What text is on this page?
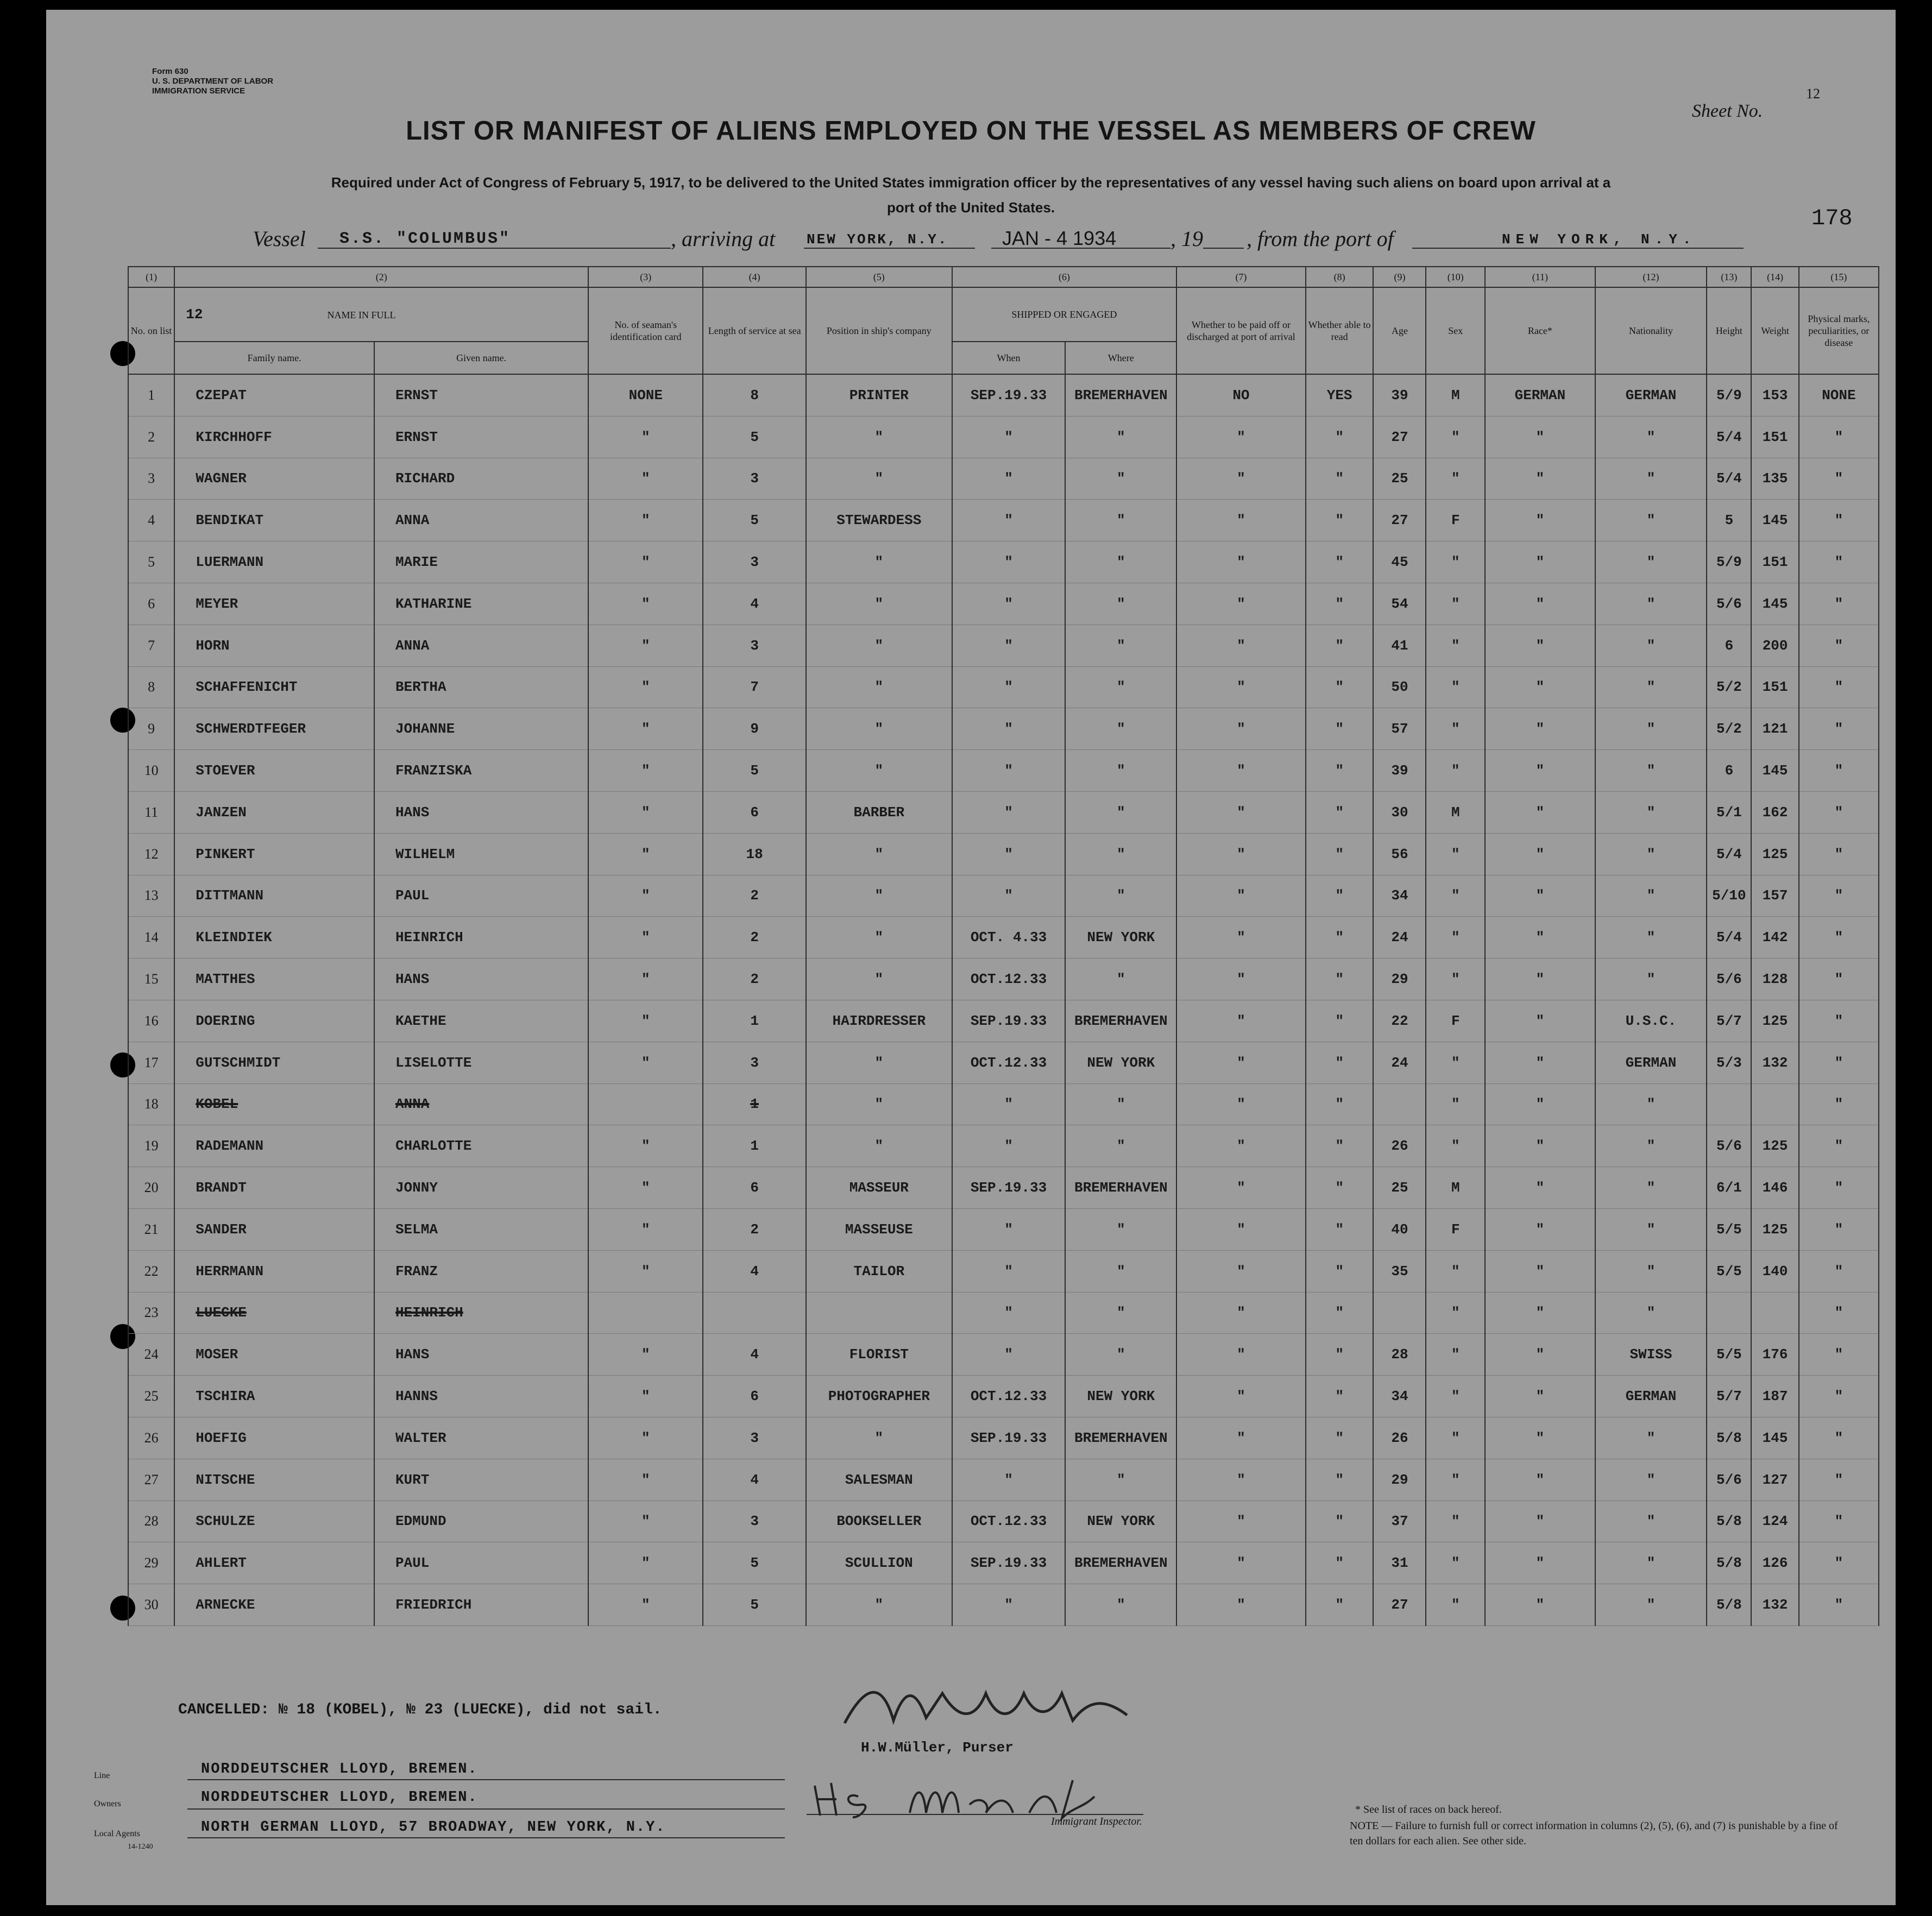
Form 630
U. S. DEPARTMENT OF LABOR
IMMIGRATION SERVICE
Sheet No.
12
LIST OR MANIFEST OF ALIENS EMPLOYED ON THE VESSEL AS MEMBERS OF CREW
Required under Act of Congress of February 5, 1917, to be delivered to the United States immigration officer by the representatives of any vessel having such aliens on board upon arrival at a port of the United States.	178
Vessel S.S. "COLUMBUS"	, arriving at NEW YORK, N.Y.	JAN - 4 1934 , 19 , from the port of	NEW YORK, N.Y.
(1)	(2)		(3)	(4)	(5)	(6)		(7)	(8)	(9)	(10)	(11)	(12)	(13)	(14)	(15)
No. on list	12 NAME IN FULL		No. of seaman's identification card	Length of service at sea	Position in ship's company	SHIPPED OR ENGAGED		Whether to be paid off or discharged at port of arrival	Whether able to read	Age	Sex	Race*	Nationality	Height	Weight	Physical marks, peculiarities, or disease
	Family name.	Given name.				When	Where									
1	CZEPAT	ERNST	NONE	8	PRINTER	SEP.19.33	BREMERHAVEN	NO	YES	39	M	GERMAN	GERMAN	5/9	153	NONE
2	KIRCHHOFF	ERNST	"	5	"	"	"	"	"	27	"	"	"	5/4	151	"
3	WAGNER	RICHARD	"	3	"	"	"	"	"	25	"	"	"	5/4	135	"
4	BENDIKAT	ANNA	"	5	STEWARDESS	"	"	"	"	27	F	"	"	5	145	"
5	LUERMANN	MARIE	"	3	"	"	"	"	"	45	"	"	"	5/9	151	"
6	MEYER	KATHARINE	"	4	"	"	"	"	"	54	"	"	"	5/6	145	"
7	HORN	ANNA	"	3	"	"	"	"	"	41	"	"	"	6	200	"
8	SCHAFFENICHT	BERTHA	"	7	"	"	"	"	"	50	"	"	"	5/2	151	"
9	SCHWERDTFEGER	JOHANNE	"	9	"	"	"	"	"	57	"	"	"	5/2	121	"
10	STOEVER	FRANZISKA	"	5	"	"	"	"	"	39	"	"	"	6	145	"
11	JANZEN	HANS	"	6	BARBER	"	"	"	"	30	M	"	"	5/1	162	"
12	PINKERT	WILHELM	"	18	"	"	"	"	"	56	"	"	"	5/4	125	"
13	DITTMANN	PAUL	"	2	"	"	"	"	"	34	"	"	"	5/10	157	"
14	KLEINDIEK	HEINRICH	"	2	"	OCT. 4.33	NEW YORK	"	"	24	"	"	"	5/4	142	"
15	MATTHES	HANS	"	2	"	OCT.12.33	"	"	"	29	"	"	"	5/6	128	"
16	DOERING	KAETHE	"	1	HAIRDRESSER	SEP.19.33	BREMERHAVEN	"	"	22	F	"	U.S.C.	5/7	125	"
17	GUTSCHMIDT	LISELOTTE	"	3	"	OCT.12.33	NEW YORK	"	"	24	"	"	GERMAN	5/3	132	"
18	KOBEL	ANNA		1	"	"	"	"	"		"	"	"			"
19	RADEMANN	CHARLOTTE	"	1	"	"	"	"	"	26	"	"	"	5/6	125	"
20	BRANDT	JONNY	"	6	MASSEUR	SEP.19.33	BREMERHAVEN	"	"	25	M	"	"	6/1	146	"
21	SANDER	SELMA	"	2	MASSEUSE	"	"	"	"	40	F	"	"	5/5	125	"
22	HERRMANN	FRANZ	"	4	TAILOR	"	"	"	"	35	"	"	"	5/5	140	"
23	LUECKE	HEINRICH				"	"	"	"		"	"	"			"
24	MOSER	HANS	"	4	FLORIST	"	"	"	"	28	"	"	SWISS	5/5	176	"
25	TSCHIRA	HANNS	"	6	PHOTOGRAPHER	OCT.12.33	NEW YORK	"	"	34	"	"	GERMAN	5/7	187	"
26	HOEFIG	WALTER	"	3	"	SEP.19.33	BREMERHAVEN	"	"	26	"	"	"	5/8	145	"
27	NITSCHE	KURT	"	4	SALESMAN	"	"	"	"	29	"	"	"	5/6	127	"
28	SCHULZE	EDMUND	"	3	BOOKSELLER	OCT.12.33	NEW YORK	"	"	37	"	"	"	5/8	124	"
29	AHLERT	PAUL	"	5	SCULLION	SEP.19.33	BREMERHAVEN	"	"	31	"	"	"	5/8	126	"
30	ARNECKE	FRIEDRICH	"	5	"	"	"	"	"	27	"	"	"	5/8	132	"
CANCELLED: № 18 (KOBEL), № 23 (LUECKE), did not sail.
H.W.Müller, Purser
Line	NORDDEUTSCHER LLOYD, BREMEN.
Owners	NORDDEUTSCHER LLOYD, BREMEN.
Local Agents
14-1240
NORTH GERMAN LLOYD, 57 BROADWAY, NEW YORK, N.Y.	Immigrant Inspector.
* See list of races on back hereof.
NOTE — Failure to furnish full or correct information in columns (2), (5), (6), and (7) is punishable by a fine of ten dollars for each alien. See other side.
